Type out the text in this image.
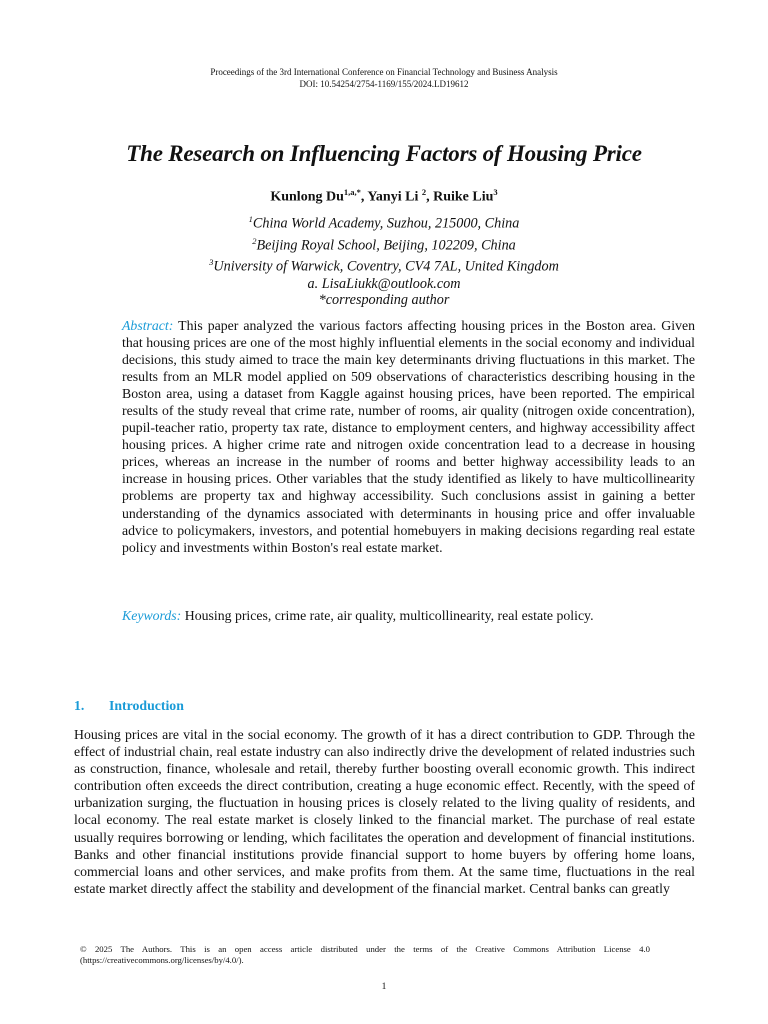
Proceedings of the 3rd International Conference on Financial Technology and Business Analysis
DOI: 10.54254/2754-1169/155/2024.LD19612
The Research on Influencing Factors of Housing Price
Kunlong $Du^{1,a,*}$, Yanyi Li $^2$, Ruike Liu$^3$
$^1$China World Academy, Suzhou, 215000, China
$^2$Beijing Royal School, Beijing, 102209, China
$^3$University of Warwick, Coventry, CV4 7AL, United Kingdom
a. LisaLiukk@outlook.com
*corresponding author
Abstract: This paper analyzed the various factors affecting housing prices in the Boston area. Given that housing prices are one of the most highly influential elements in the social economy and individual decisions, this study aimed to trace the main key determinants driving fluctuations in this market. The results from an MLR model applied on 509 observations of characteristics describing housing in the Boston area, using a dataset from Kaggle against housing prices, have been reported. The empirical results of the study reveal that crime rate, number of rooms, air quality (nitrogen oxide concentration), pupil-teacher ratio, property tax rate, distance to employment centers, and highway accessibility affect housing prices. A higher crime rate and nitrogen oxide concentration lead to a decrease in housing prices, whereas an increase in the number of rooms and better highway accessibility leads to an increase in housing prices. Other variables that the study identified as likely to have multicollinearity problems are property tax and highway accessibility. Such conclusions assist in gaining a better understanding of the dynamics associated with determinants in housing price and offer invaluable advice to policymakers, investors, and potential homebuyers in making decisions regarding real estate policy and investments within Boston's real estate market.
Keywords: Housing prices, crime rate, air quality, multicollinearity, real estate policy.
1. Introduction
Housing prices are vital in the social economy. The growth of it has a direct contribution to GDP. Through the effect of industrial chain, real estate industry can also indirectly drive the development of related industries such as construction, finance, wholesale and retail, thereby further boosting overall economic growth. This indirect contribution often exceeds the direct contribution, creating a huge economic effect. Recently, with the speed of urbanization surging, the fluctuation in housing prices is closely related to the living quality of residents, and local economy. The real estate market is closely linked to the financial market. The purchase of real estate usually requires borrowing or lending, which facilitates the operation and development of financial institutions. Banks and other financial institutions provide financial support to home buyers by offering home loans, commercial loans and other services, and make profits from them. At the same time, fluctuations in the real estate market directly affect the stability and development of the financial market. Central banks can greatly
© 2025 The Authors. This is an open access article distributed under the terms of the Creative Commons Attribution License 4.0 (https://creativecommons.org/licenses/by/4.0/).
1
